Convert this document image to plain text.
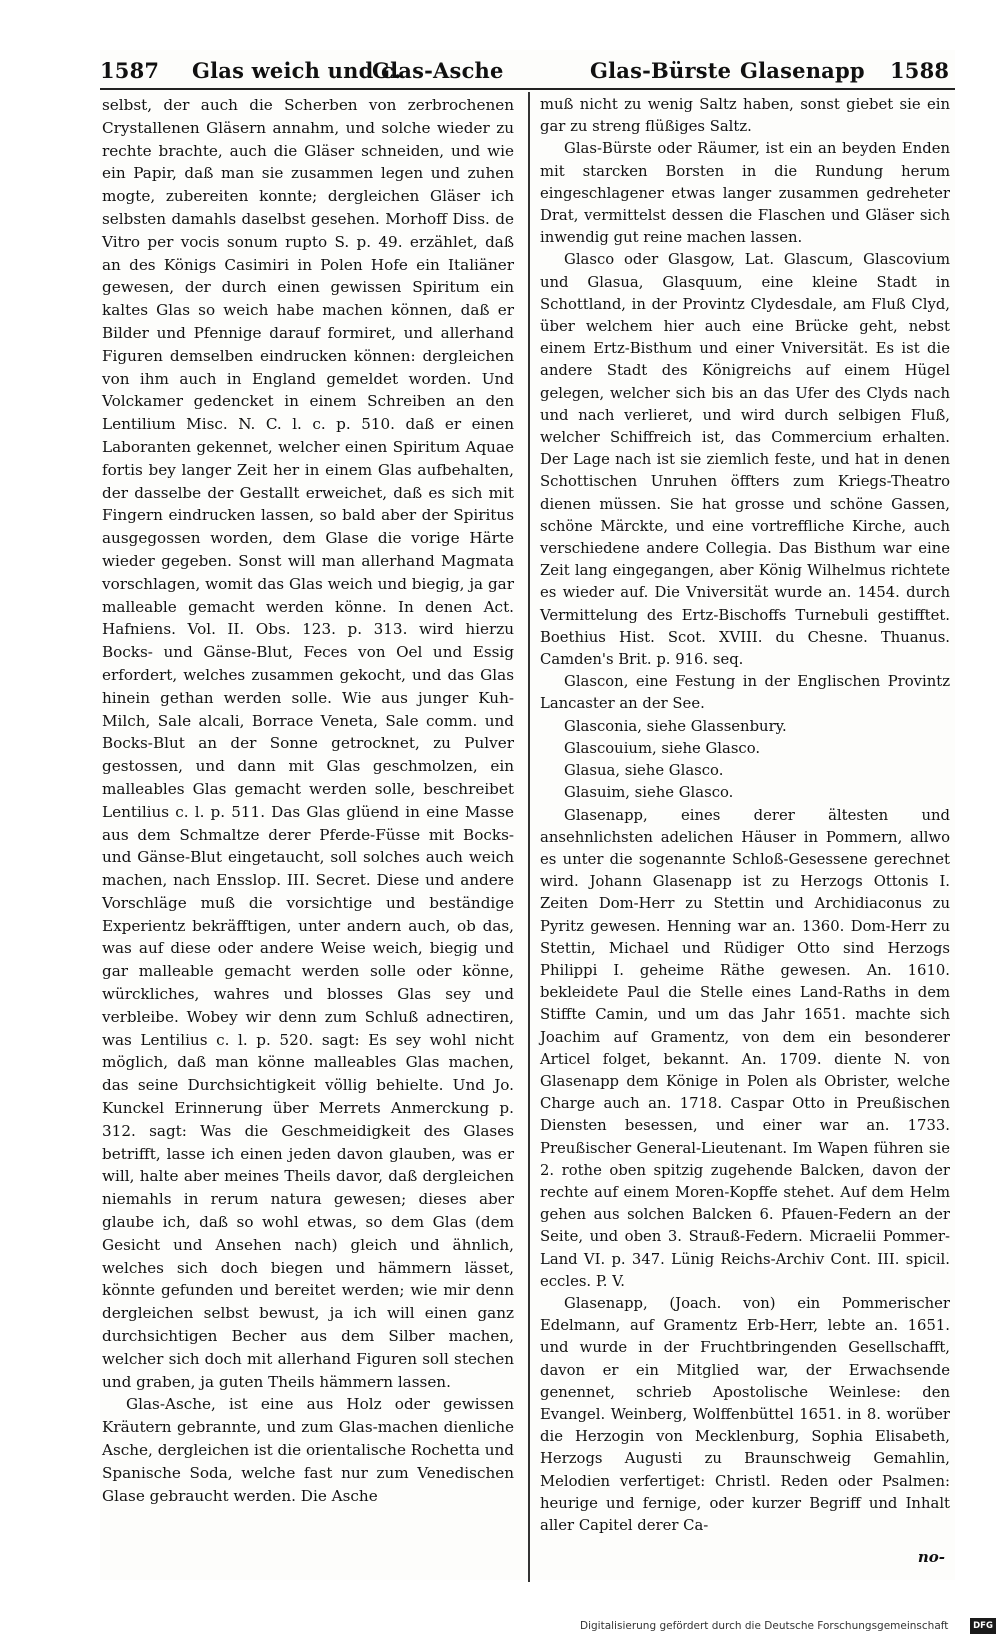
1587 Glas weich und c.
Glas-Asche	Glas-Bürste Glasenapp 1588

selbst, der auch die Scherben von zerbrochenen Crystallenen Gläsern annahm, und solche wieder zu rechte brachte, auch die Gläser schneiden, und wie ein Papir, daß man sie zusammen legen und zuhen mogte, zubereiten konnte; dergleichen Gläser ich selbsten damahls daselbst gesehen. Morhoff Diss. de Vitro per vocis sonum rupto S. p. 49. erzählet, daß an des Königs Casimiri in Polen Hofe ein Italiäner gewesen, der durch einen gewissen Spiritum ein kaltes Glas so weich habe machen können, daß er Bilder und Pfennige darauf formiret, und allerhand Figuren demselben eindrucken können: dergleichen von ihm auch in England gemeldet worden. Und Volckamer gedencket in einem Schreiben an den Lentilium Misc. N. C. l. c. p. 510. daß er einen Laboranten gekennet, welcher einen Spiritum Aquae fortis bey langer Zeit her in einem Glas aufbehalten, der dasselbe der Gestallt erweichet, daß es sich mit Fingern eindrucken lassen, so bald aber der Spiritus ausgegossen worden, dem Glase die vorige Härte wieder gegeben. Sonst will man allerhand Magmata vorschlagen, womit das Glas weich und biegig, ja gar malleable gemacht werden könne. In denen Act. Hafniens. Vol. II. Obs. 123. p. 313. wird hierzu Bocks- und Gänse-Blut, Feces von Oel und Essig erfordert, welches zusammen gekocht, und das Glas hinein gethan werden solle. Wie aus junger Kuh-Milch, Sale alcali, Borrace Veneta, Sale comm. und Bocks-Blut an der Sonne getrocknet, zu Pulver gestossen, und dann mit Glas geschmolzen, ein malleables Glas gemacht werden solle, beschreibet Lentilius c. l. p. 511. Das Glas glüend in eine Masse aus dem Schmaltze derer Pferde-Füsse mit Bocks- und Gänse-Blut eingetaucht, soll solches auch weich machen, nach Ensslop. III. Secret. Diese und andere Vorschläge muß die vorsichtige und beständige Experientz bekräfftigen, unter andern auch, ob das, was auf diese oder andere Weise weich, biegig und gar malleable gemacht werden solle oder könne, würckliches, wahres und blosses Glas sey und verbleibe. Wobey wir denn zum Schluß adnectiren, was Lentilius c. l. p. 520. sagt: Es sey wohl nicht möglich, daß man könne malleables Glas machen, das seine Durchsichtigkeit völlig behielte. Und Jo. Kunckel Erinnerung über Merrets Anmerckung p. 312. sagt: Was die Geschmeidigkeit des Glases betrifft, lasse ich einen jeden davon glauben, was er will, halte aber meines Theils davor, daß dergleichen niemahls in rerum natura gewesen; dieses aber glaube ich, daß so wohl etwas, so dem Glas (dem Gesicht und Ansehen nach) gleich und ähnlich, welches sich doch biegen und hämmern lässet, könnte gefunden und bereitet werden; wie mir denn dergleichen selbst bewust, ja ich will einen ganz durchsichtigen Becher aus dem Silber machen, welcher sich doch mit allerhand Figuren soll stechen und graben, ja guten Theils hämmern lassen.

Glas-Asche, ist eine aus Holz oder gewissen Kräutern gebrannte, und zum Glas-machen dienliche Asche, dergleichen ist die orientalische Rochetta und Spanische Soda, welche fast nur zum Venedischen Glase gebraucht werden. Die Asche

muß nicht zu wenig Saltz haben, sonst giebet sie ein gar zu streng flüßiges Saltz.

Glas-Bürste oder Räumer, ist ein an beyden Enden mit starcken Borsten in die Rundung herum eingeschlagener etwas langer zusammen gedreheter Drat, vermittelst dessen die Flaschen und Gläser sich inwendig gut reine machen lassen.

Glasco oder Glasgow, Lat. Glascum, Glascovium und Glasua, Glasquum, eine kleine Stadt in Schottland, in der Provintz Clydesdale, am Fluß Clyd, über welchem hier auch eine Brücke geht, nebst einem Ertz-Bisthum und einer Vniversität. Es ist die andere Stadt des Königreichs auf einem Hügel gelegen, welcher sich bis an das Ufer des Clyds nach und nach verlieret, und wird durch selbigen Fluß, welcher Schiffreich ist, das Commercium erhalten. Der Lage nach ist sie ziemlich feste, und hat in denen Schottischen Unruhen öffters zum Kriegs-Theatro dienen müssen. Sie hat grosse und schöne Gassen, schöne Märckte, und eine vortreffliche Kirche, auch verschiedene andere Collegia. Das Bisthum war eine Zeit lang eingegangen, aber König Wilhelmus richtete es wieder auf. Die Vniversität wurde an. 1454. durch Vermittelung des Ertz-Bischoffs Turnebuli gestifftet. Boethius Hist. Scot. XVIII. du Chesne. Thuanus. Camden's Brit. p. 916. seq.

Glascon, eine Festung in der Englischen Provintz Lancaster an der See.

Glasconia, siehe Glassenbury.

Glascouium, siehe Glasco.

Glasua, siehe Glasco.

Glasuim, siehe Glasco.

Glasenapp, eines derer ältesten und ansehnlichsten adelichen Häuser in Pommern, allwo es unter die sogenannte Schloß-Gesessene gerechnet wird. Johann Glasenapp ist zu Herzogs Ottonis I. Zeiten Dom-Herr zu Stettin und Archidiaconus zu Pyritz gewesen. Henning war an. 1360. Dom-Herr zu Stettin, Michael und Rüdiger Otto sind Herzogs Philippi I. geheime Räthe gewesen. An. 1610. bekleidete Paul die Stelle eines Land-Raths in dem Stiffte Camin, und um das Jahr 1651. machte sich Joachim auf Gramentz, von dem ein besonderer Articel folget, bekannt. An. 1709. diente N. von Glasenapp dem Könige in Polen als Obrister, welche Charge auch an. 1718. Caspar Otto in Preußischen Diensten besessen, und einer war an. 1733. Preußischer General-Lieutenant. Im Wapen führen sie 2. rothe oben spitzig zugehende Balcken, davon der rechte auf einem Moren-Kopffe stehet. Auf dem Helm gehen aus solchen Balcken 6. Pfauen-Federn an der Seite, und oben 3. Strauß-Federn. Micraelii Pommer-Land VI. p. 347. Lünig Reichs-Archiv Cont. III. spicil. eccles. P. V.

Glasenapp, (Joach. von) ein Pommerischer Edelmann, auf Gramentz Erb-Herr, lebte an. 1651. und wurde in der Fruchtbringenden Gesellschafft, davon er ein Mitglied war, der Erwachsende genennet, schrieb Apostolische Weinlese: den Evangel. Weinberg, Wolffenbüttel 1651. in 8. worüber die Herzogin von Mecklenburg, Sophia Elisabeth, Herzogs Augusti zu Braunschweig Gemahlin, Melodien verfertiget: Christl. Reden oder Psalmen: heurige und fernige, oder kurzer Begriff und Inhalt aller Capitel derer Ca-

no-
Digitalisierung gefördert durch die Deutsche Forschungsgemeinschaft	DFG
